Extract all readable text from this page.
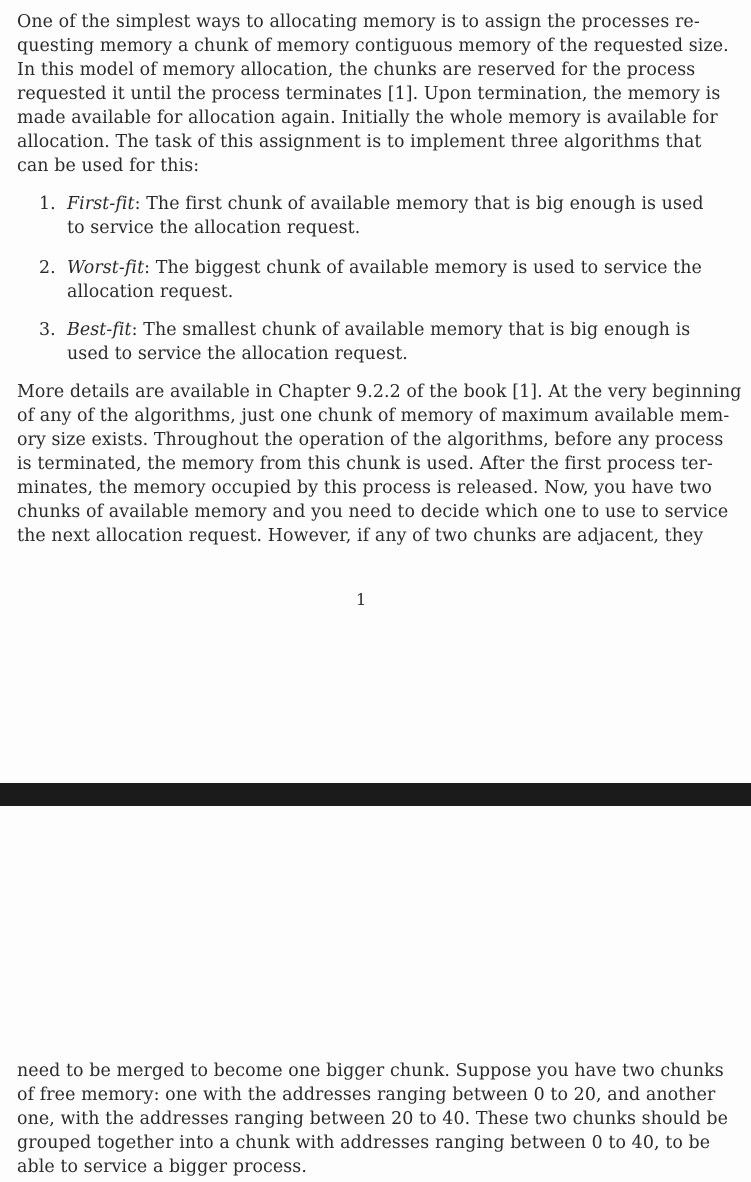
One of the simplest ways to allocating memory is to assign the processes re-
questing memory a chunk of memory contiguous memory of the requested size.
In this model of memory allocation, the chunks are reserved for the process
requested it until the process terminates [1]. Upon termination, the memory is
made available for allocation again. Initially the whole memory is available for
allocation. The task of this assignment is to implement three algorithms that
can be used for this:
1. First-fit: The first chunk of available memory that is big enough is used
to service the allocation request.
2. Worst-fit: The biggest chunk of available memory is used to service the
allocation request.
3. Best-fit: The smallest chunk of available memory that is big enough is
used to service the allocation request.
More details are available in Chapter 9.2.2 of the book [1]. At the very beginning
of any of the algorithms, just one chunk of memory of maximum available mem-
ory size exists. Throughout the operation of the algorithms, before any process
is terminated, the memory from this chunk is used. After the first process ter-
minates, the memory occupied by this process is released. Now, you have two
chunks of available memory and you need to decide which one to use to service
the next allocation request. However, if any of two chunks are adjacent, they
1
need to be merged to become one bigger chunk. Suppose you have two chunks
of free memory: one with the addresses ranging between 0 to 20, and another
one, with the addresses ranging between 20 to 40. These two chunks should be
grouped together into a chunk with addresses ranging between 0 to 40, to be
able to service a bigger process.
